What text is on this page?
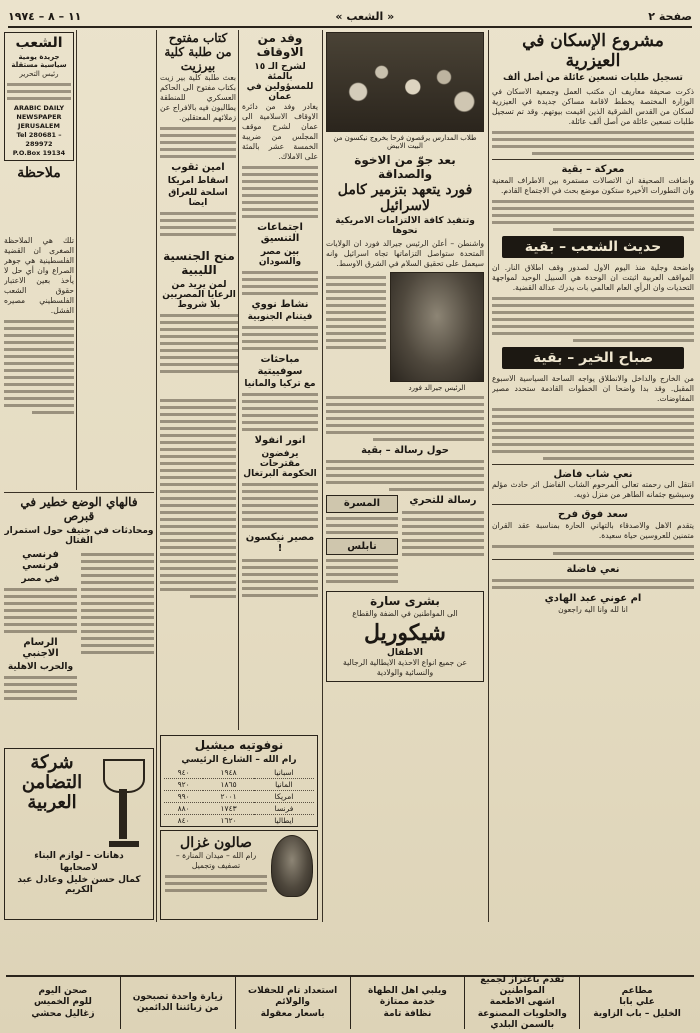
صفحة ٢
« الشعب »
١١ – ٨ – ١٩٧٤
مشروع الإسكان في العيزرية
تسجيل طلبات تسعين عائلة من أصل ألف
ذكرت صحيفة معاريف ان مكتب العمل وجمعية الاسكان في الوزارة المختصة يخطط لاقامة مساكن جديدة في العيزرية لسكان من القدس الشرقية الذين اقيمت بيوتهم. وقد تم تسجيل طلبات تسعين عائلة من أصل ألف عائلة.
معركة – بقية
واضافت الصحيفة ان الاتصالات مستمرة بين الاطراف المعنية وان التطورات الأخيرة ستكون موضع بحث في الاجتماع القادم.
حديث الشعب – بقية
واضحة وجلية منذ اليوم الاول لصدور وقف اطلاق النار. ان المواقف العربية اثبتت ان الوحدة هي السبيل الوحيد لمواجهة التحديات وان الرأي العام العالمي بات يدرك عدالة القضية.
صباح الخير – بقية
من الخارج والداخل والانطلاق يواجه الساحة السياسية الاسبوع المقبل. وقد بدا واضحا ان الخطوات القادمة ستحدد مصير المفاوضات.
نعي شاب فاضل
انتقل الى رحمته تعالى المرحوم الشاب الفاضل اثر حادث مؤلم وسيشيع جثمانه الطاهر من منزل ذويه.
سعد فوق فرح
يتقدم الاهل والاصدقاء بالتهاني الحارة بمناسبة عقد القران متمنين للعروسين حياة سعيدة.
نعي فاضلة
ام عوني عبد الهادي
انا لله وانا اليه راجعون
طلاب المدارس يرقصون فرحا بخروج نيكسون من البيت الابيض
بعد جوّ من الاخوة والصداقة
فورد يتعهد بتزمير كامل لاسرائيل
وتنفيذ كافة الالتزامات الامريكية نحوها
واشنطن – أعلن الرئيس جيرالد فورد ان الولايات المتحدة ستواصل التزاماتها تجاه اسرائيل وانه سيعمل على تحقيق السلام في الشرق الاوسط.
الرئيس جيرالد فورد
حول رسالة – بقية
رسالة للتحري
المسرة
نابلس
بشرى سارة
الى المواطنين في الضفة والقطاع
شيكوريل
الاطفال
عن جميع انواع الاحذية الايطالية الرجالية والنسائية والولادية
وفد من الاوقاف
لشرح الـ ١٥ بالمئة للمسؤولين في عمان
يغادر وفد من دائرة الاوقاف الاسلامية الى عمان لشرح موقف المجلس من ضريبة الخمسة عشر بالمئة على الاملاك.
اجتماعات التنسيق
بين مصر والسودان
نشاط نووي
فيتنام الجنوبية
مباحثات سوفييتية
مع تركيا والمانيا
انور انفولا
يرفضون مقترحات الحكومة البرتغال
مصير نيكسون !
منح الجنسية الليبية
لمن يريد من الرعايا المصريين بلا شروط
كتاب مفتوح من طلبة كلية بيرزيت
بعث طلبة كلية بير زيت بكتاب مفتوح الى الحاكم العسكري للمنطقة يطالبون فيه بالافراج عن زملائهم المعتقلين.
امين ثقوب
اسقاط امريكا
اسلحة للعراق ايضا
نوفوتيه ميشيل
رام الله – الشارع الرئيسي
اسبانيا	١٩٤٨	٩٤٠
المانيا	١٨٦٥	٩٢٠
امريكا	٢٠٠١	٩٩٠
فرنسا	١٧٤٣	٨٨٠
ايطاليا	١٦٢٠	٨٤٠
صالون غزال
رام الله – ميدان المنارة – تصفيف وتجميل
الشعب
جريدة يومية سياسية مستقلة
رئيس التحرير
ARABIC DAILY NEWSPAPER
JERUSALEM
Tel 280681 – 289972
P.O.Box 19134
ملاحظة
تلك هي الملاحظة الصغرى ان القضية الفلسطينية هي جوهر الصراع وان أي حل لا يأخذ بعين الاعتبار حقوق الشعب الفلسطيني مصيره الفشل.
فالهاي الوضع خطير في قبرص
ومحادثات في جنيف حول استمرار القتال
فرنسي فرنسي
في مصر
الرسام الاجنبي
والحرب الاهلية
شركة التضامن العربية
دهانات – لوازم البناء
لاصحابها
كمال حسن خليل وعادل عبد الكريم
مطاعم
علي بابا
الخليل – باب الزاوية
تقدم باعتزاز لجميع المواطنين
اشهى الاطعمة والحلويات المصنوعة
بالسمن البلدي
ويلبي اهل الطهاة
خدمة ممتازة
نظافة تامة
استعداد تام للحفلات
والولائم
باسعار معقولة
زيارة واحدة تصبحون
من زبائننا الدائمين
صحن اليوم
للوم الخميس
زغاليل محشي
